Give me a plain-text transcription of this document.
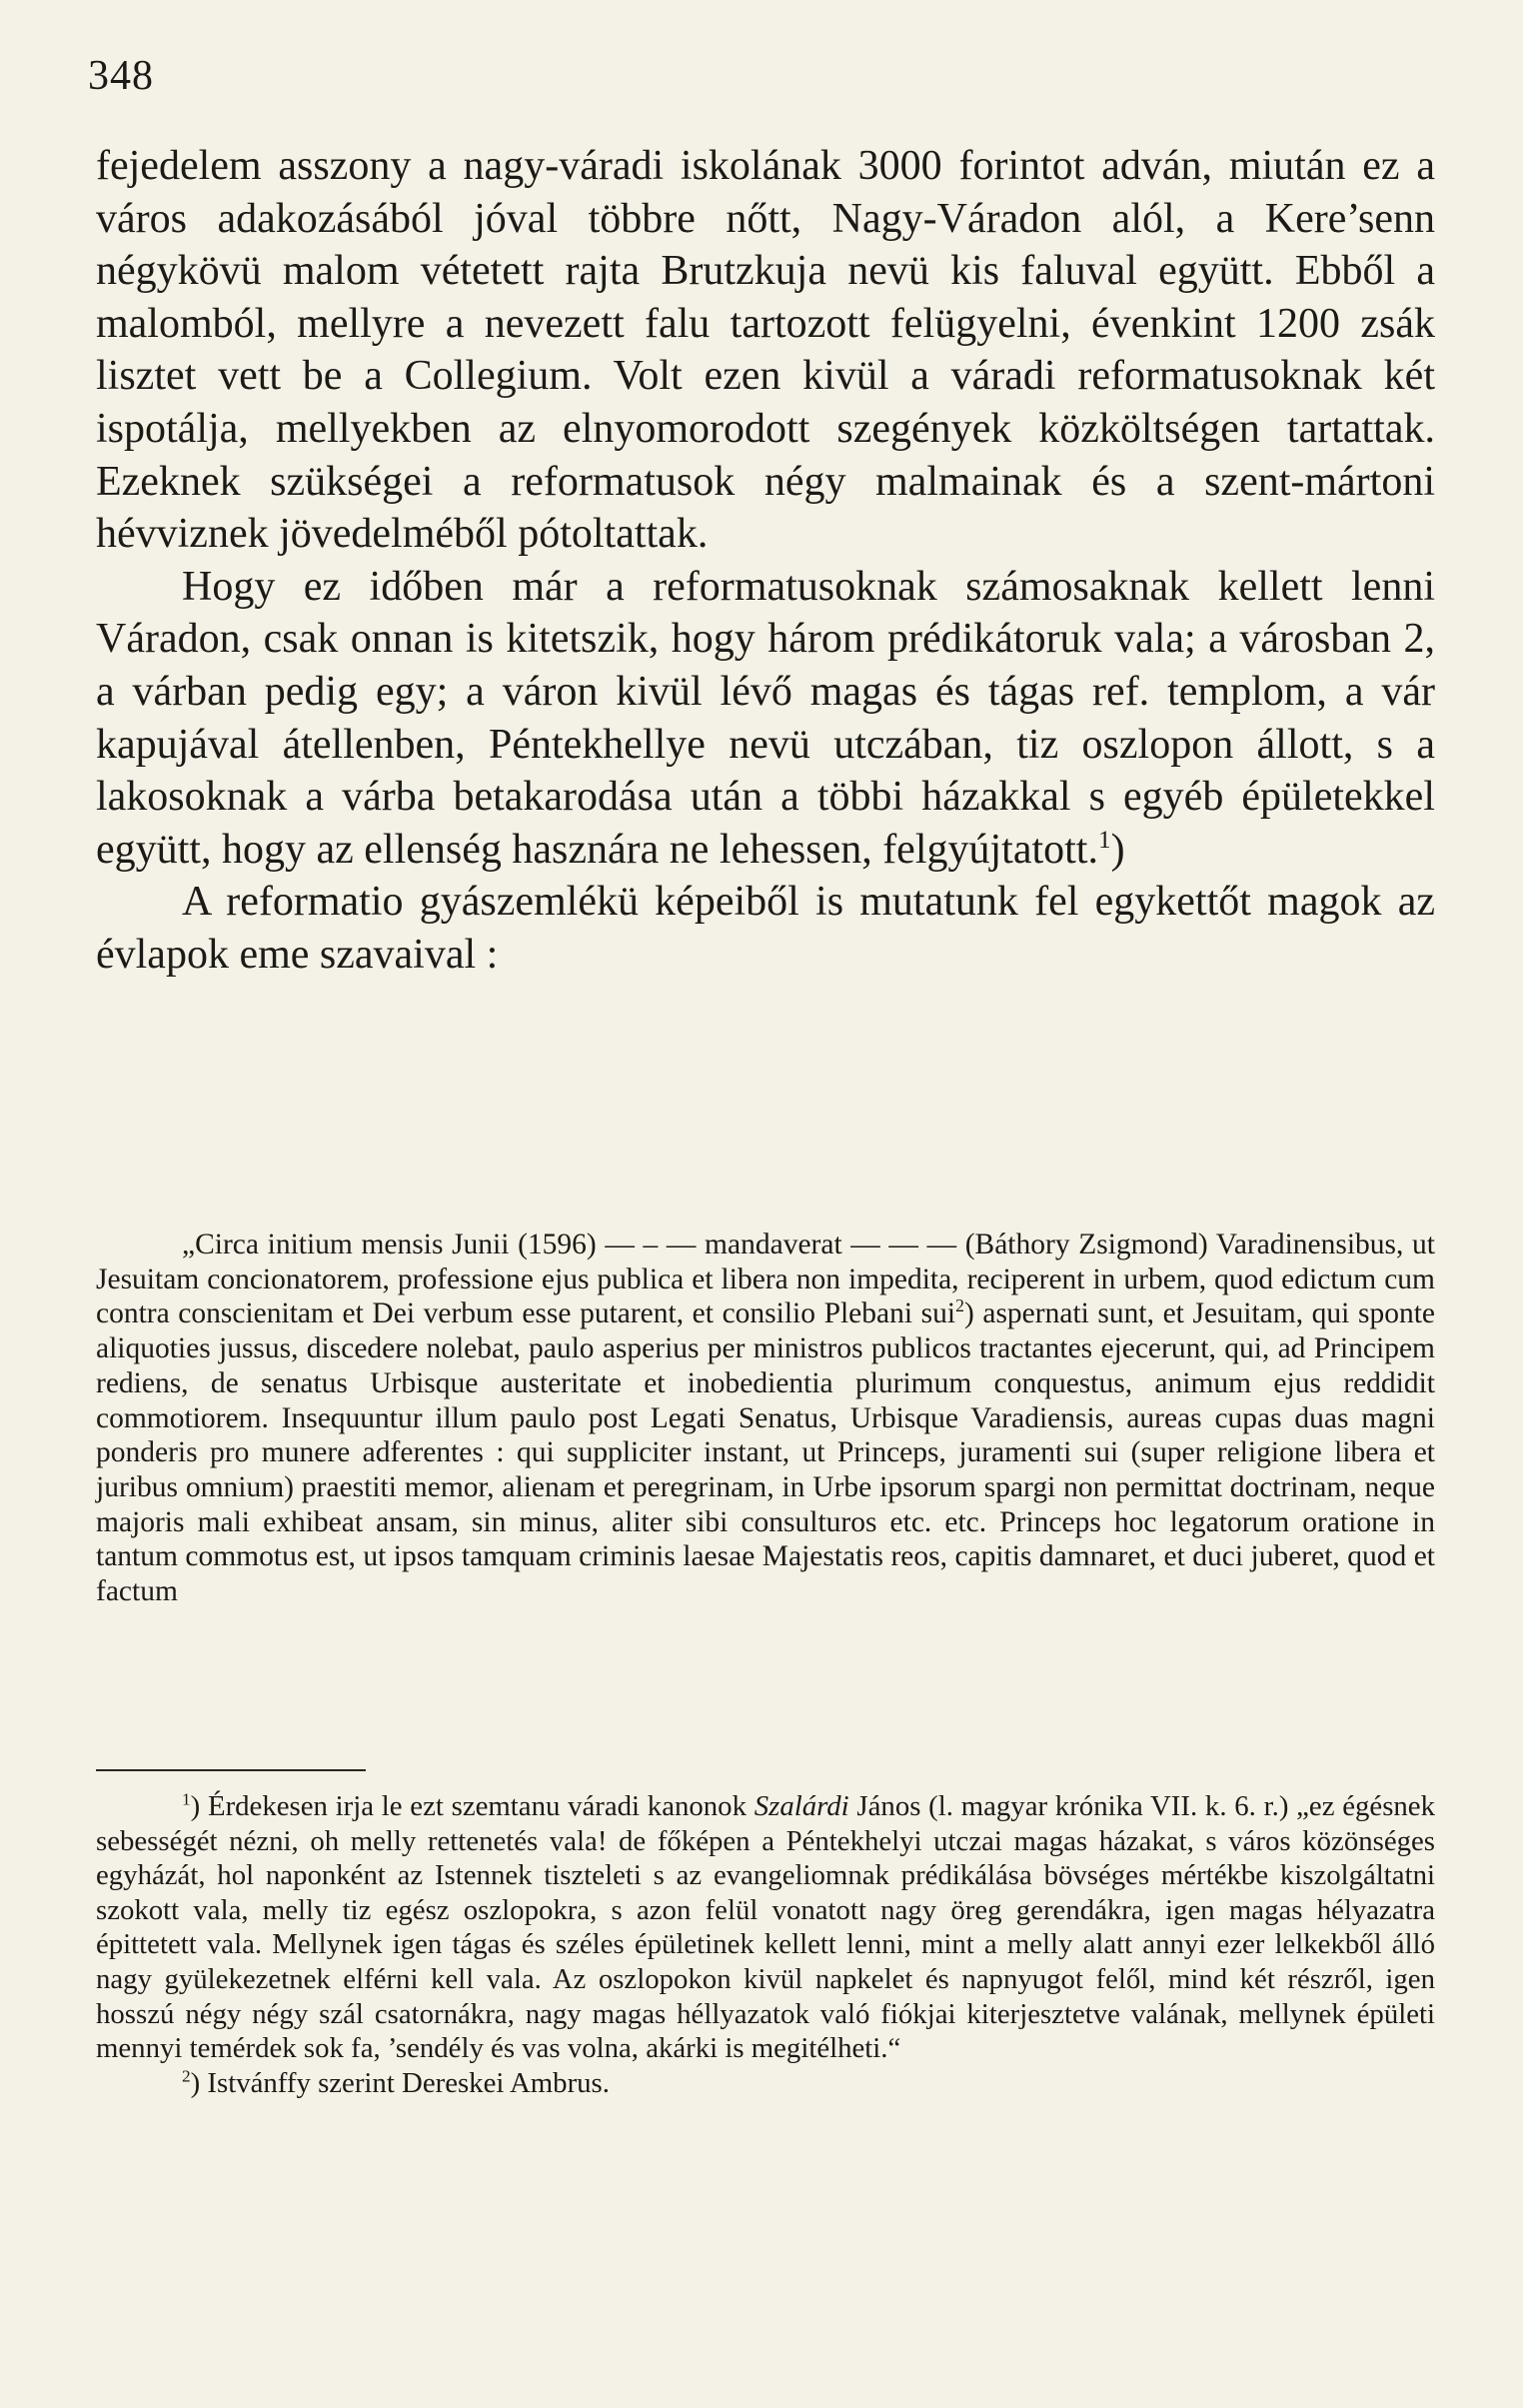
348

fejedelem asszony a nagy-váradi iskolának 3000 forintot adván, miután ez a város adakozásából jóval többre nőtt, Nagy-Váradon alól, a Kere’senn négykövü malom vétetett rajta Brutzkuja nevü kis faluval együtt. Ebből a malomból, mellyre a nevezett falu tartozott felügyelni, évenkint 1200 zsák lisztet vett be a Collegium. Volt ezen kivül a váradi reformatusoknak két ispotálja, mellyekben az elnyomorodott szegények közköltségen tartattak. Ezeknek szükségei a reformatusok négy malmainak és a szent-mártoni hévviznek jövedelméből pótoltattak.

Hogy ez időben már a reformatusoknak számosaknak kellett lenni Váradon, csak onnan is kitetszik, hogy három prédikátoruk vala; a városban 2, a várban pedig egy; a váron kivül lévő magas és tágas ref. templom, a vár kapujával átellenben, Péntekhellye nevü utczában, tiz oszlopon állott, s a lakosoknak a várba betakarodása után a többi házakkal s egyéb épületekkel együtt, hogy az ellenség hasznára ne lehessen, felgyújtatott.$^1$)

A reformatio gyászemlékü képeiből is mutatunk fel egykettőt magok az évlapok eme szavaival :

„Circa initium mensis Junii (1596) — – — mandaverat — — — (Báthory Zsigmond) Varadinensibus, ut Jesuitam concionatorem, professione ejus publica et libera non impedita, reciperent in urbem, quod edictum cum contra conscienitam et Dei verbum esse putarent, et consilio Plebani sui$^2$) aspernati sunt, et Jesuitam, qui sponte aliquoties jussus, discedere nolebat, paulo asperius per ministros publicos tractantes ejecerunt, qui, ad Principem rediens, de senatus Urbisque austeritate et inobedientia plurimum conquestus, animum ejus reddidit commotiorem. Insequuntur illum paulo post Legati Senatus, Urbisque Varadiensis, aureas cupas duas magni ponderis pro munere adferentes : qui suppliciter instant, ut Princeps, juramenti sui (super religione libera et juribus omnium) praestiti memor, alienam et peregrinam, in Urbe ipsorum spargi non permittat doctrinam, neque majoris mali exhibeat ansam, sin minus, aliter sibi consulturos etc. etc. Princeps hoc legatorum oratione in tantum commotus est, ut ipsos tamquam criminis laesae Majestatis reos, capitis damnaret, et duci juberet, quod et factum

$^1$) Érdekesen irja le ezt szemtanu váradi kanonok Szalárdi János (l. magyar krónika VII. k. 6. r.) „ez égésnek sebességét nézni, oh melly rettenetés vala! de főképen a Péntekhelyi utczai magas házakat, s város közönséges egyházát, hol naponként az Istennek tiszteleti s az evangeliomnak prédikálása bövséges mértékbe kiszolgáltatni szokott vala, melly tiz egész oszlopokra, s azon felül vonatott nagy öreg gerendákra, igen magas hélyazatra épittetett vala. Mellynek igen tágas és széles épületinek kellett lenni, mint a melly alatt annyi ezer lelkekből álló nagy gyülekezetnek elférni kell vala. Az oszlopokon kivül napkelet és napnyugot felől, mind két részről, igen hosszú négy négy szál csatornákra, nagy magas héllyazatok való fiókjai kiterjesztetve valának, mellynek épületi mennyi temérdek sok fa, ’sendély és vas volna, akárki is megitélheti.“

$^2$) Istvánffy szerint Dereskei Ambrus.
